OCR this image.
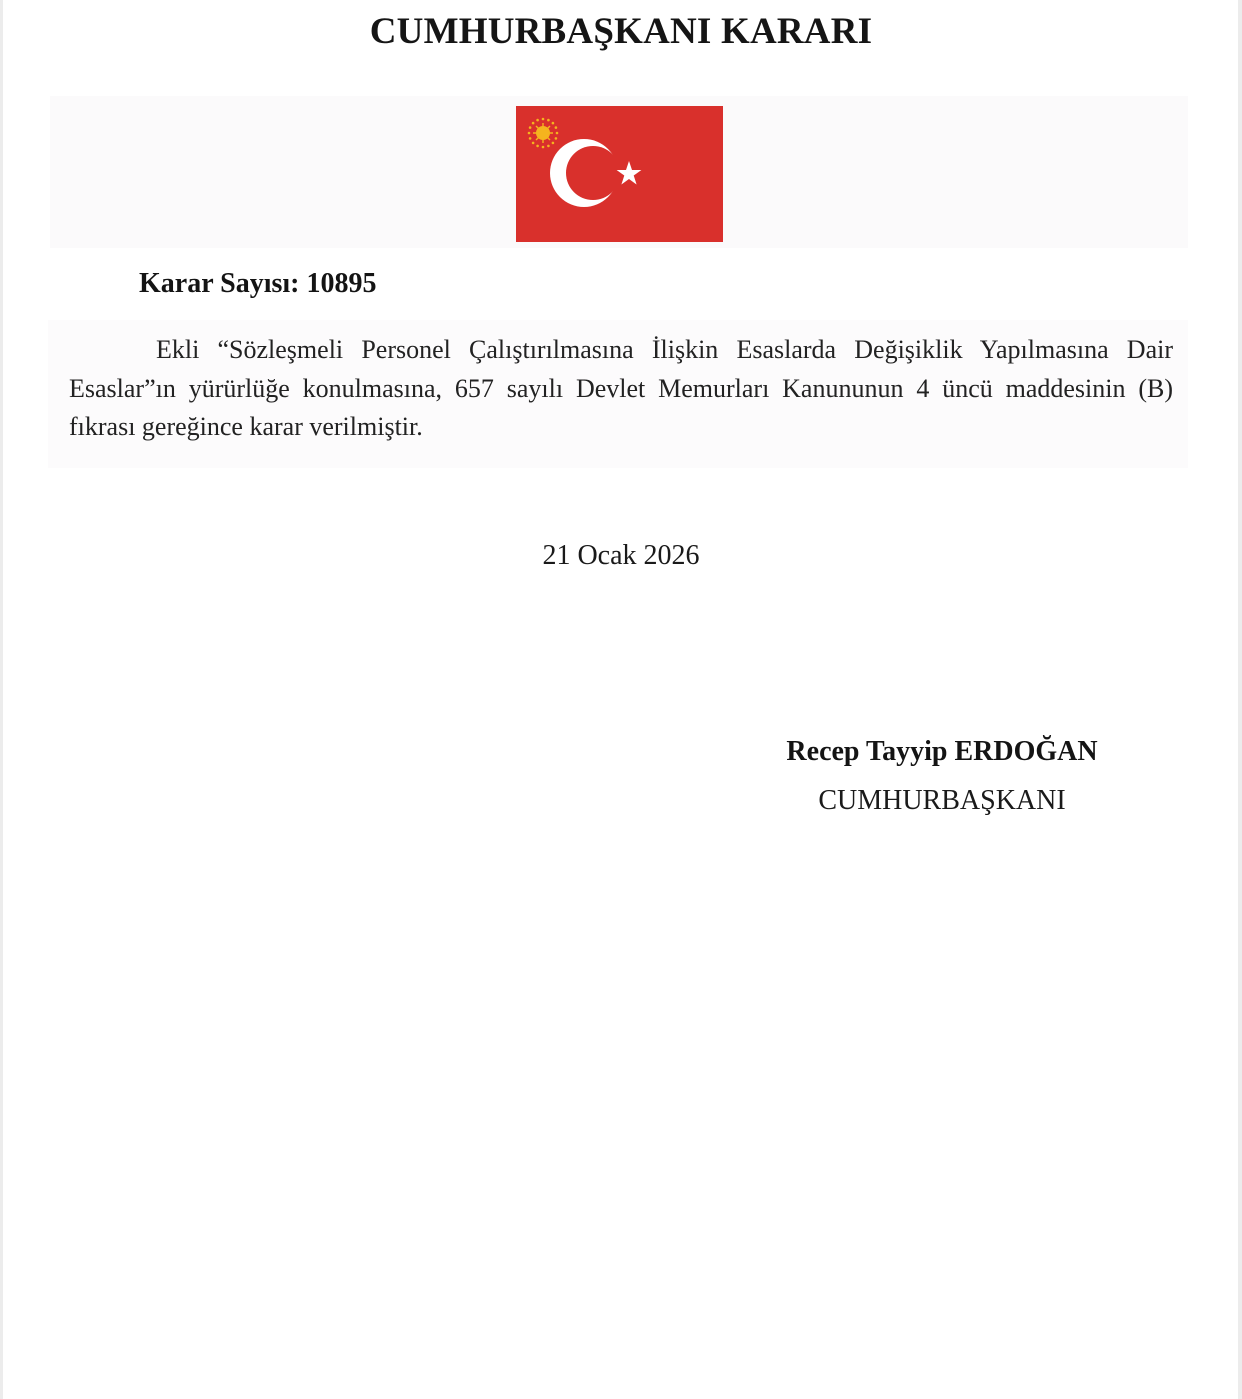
CUMHURBAŞKANI KARARI
Karar Sayısı: 10895

Ekli “Sözleşmeli Personel Çalıştırılmasına İlişkin Esaslarda Değişiklik Yapılmasına Dair Esaslar”ın yürürlüğe konulmasına, 657 sayılı Devlet Memurları Kanununun 4 üncü maddesinin (B) fıkrası gereğince karar verilmiştir.

21 Ocak 2026
Recep Tayyip ERDOĞAN
CUMHURBAŞKANI
